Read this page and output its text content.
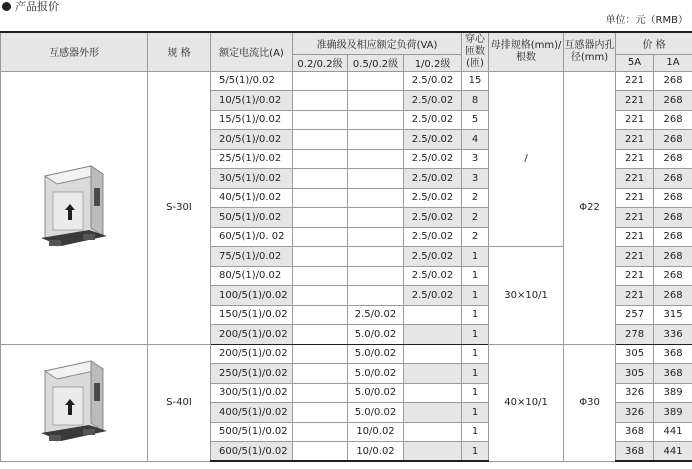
产品报价
单位：元（RMB）
互感器外形	规 格	额定电流比(A)	准确级及相应额定负荷(VA)			穿心匝数(匝)	母排规格(mm)/根数	互感器内孔径(mm)	价 格	
			0.2/0.2级	0.5/0.2级	1/0.2级				5A	1A
	S-30I	5/5(1)/0.02			2.5/0.02	15	/	Φ22	221	268
		10/5(1)/0.02			2.5/0.02	8			221	268
		15/5(1)/0.02			2.5/0.02	5			221	268
		20/5(1)/0.02			2.5/0.02	4			221	268
		25/5(1)/0.02			2.5/0.02	3			221	268
		30/5(1)/0.02			2.5/0.02	3			221	268
		40/5(1)/0.02			2.5/0.02	2			221	268
		50/5(1)/0.02			2.5/0.02	2			221	268
		60/5(1)/0. 02			2.5/0.02	2			221	268
		75/5(1)/0.02			2.5/0.02	1	30×10/1		221	268
		80/5(1)/0.02			2.5/0.02	1			221	268
		100/5(1)/0.02			2.5/0.02	1			221	268
		150/5(1)/0.02		2.5/0.02		1			257	315
		200/5(1)/0.02		5.0/0.02		1			278	336
	S-40I	200/5(1)/0.02		5.0/0.02		1	40×10/1	Φ30	305	368
		250/5(1)/0.02		5.0/0.02		1			305	368
		300/5(1)/0.02		5.0/0.02		1			326	389
		400/5(1)/0.02		5.0/0.02		1			326	389
		500/5(1)/0.02		10/0.02		1			368	441
		600/5(1)/0.02		10/0.02		1			368	441
